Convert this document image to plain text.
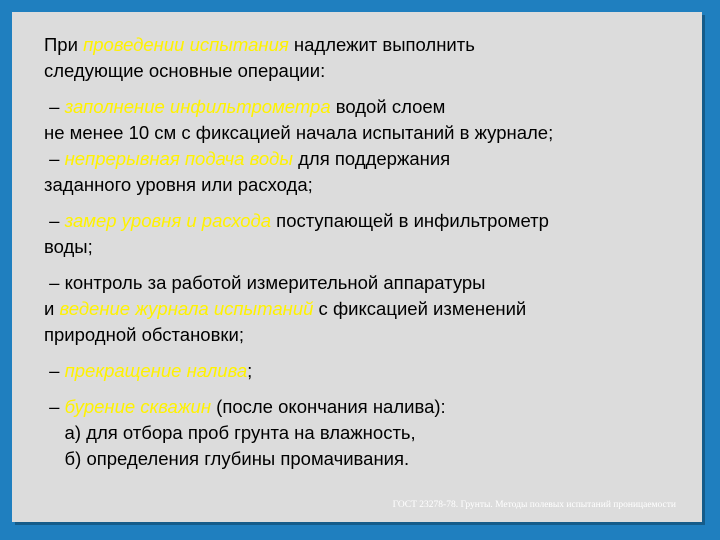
При проведении испытания надлежит выполнить
следующие основные операции:

– заполнение инфильтрометра водой слоем
не менее 10 см с фиксацией начала испытаний в журнале;

– непрерывная подача воды для поддержания
заданного уровня или расхода;

– замер уровня и расхода поступающей в инфильтрометр
воды;

– контроль за работой измерительной аппаратуры
и ведение журнала испытаний с фиксацией изменений
природной обстановки;

– прекращение налива;

– бурение скважин (после окончания налива):
а) для отбора проб грунта на влажность,
б) определения глубины промачивания.

ГОСТ 23278-78. Грунты. Методы полевых испытаний проницаемости
